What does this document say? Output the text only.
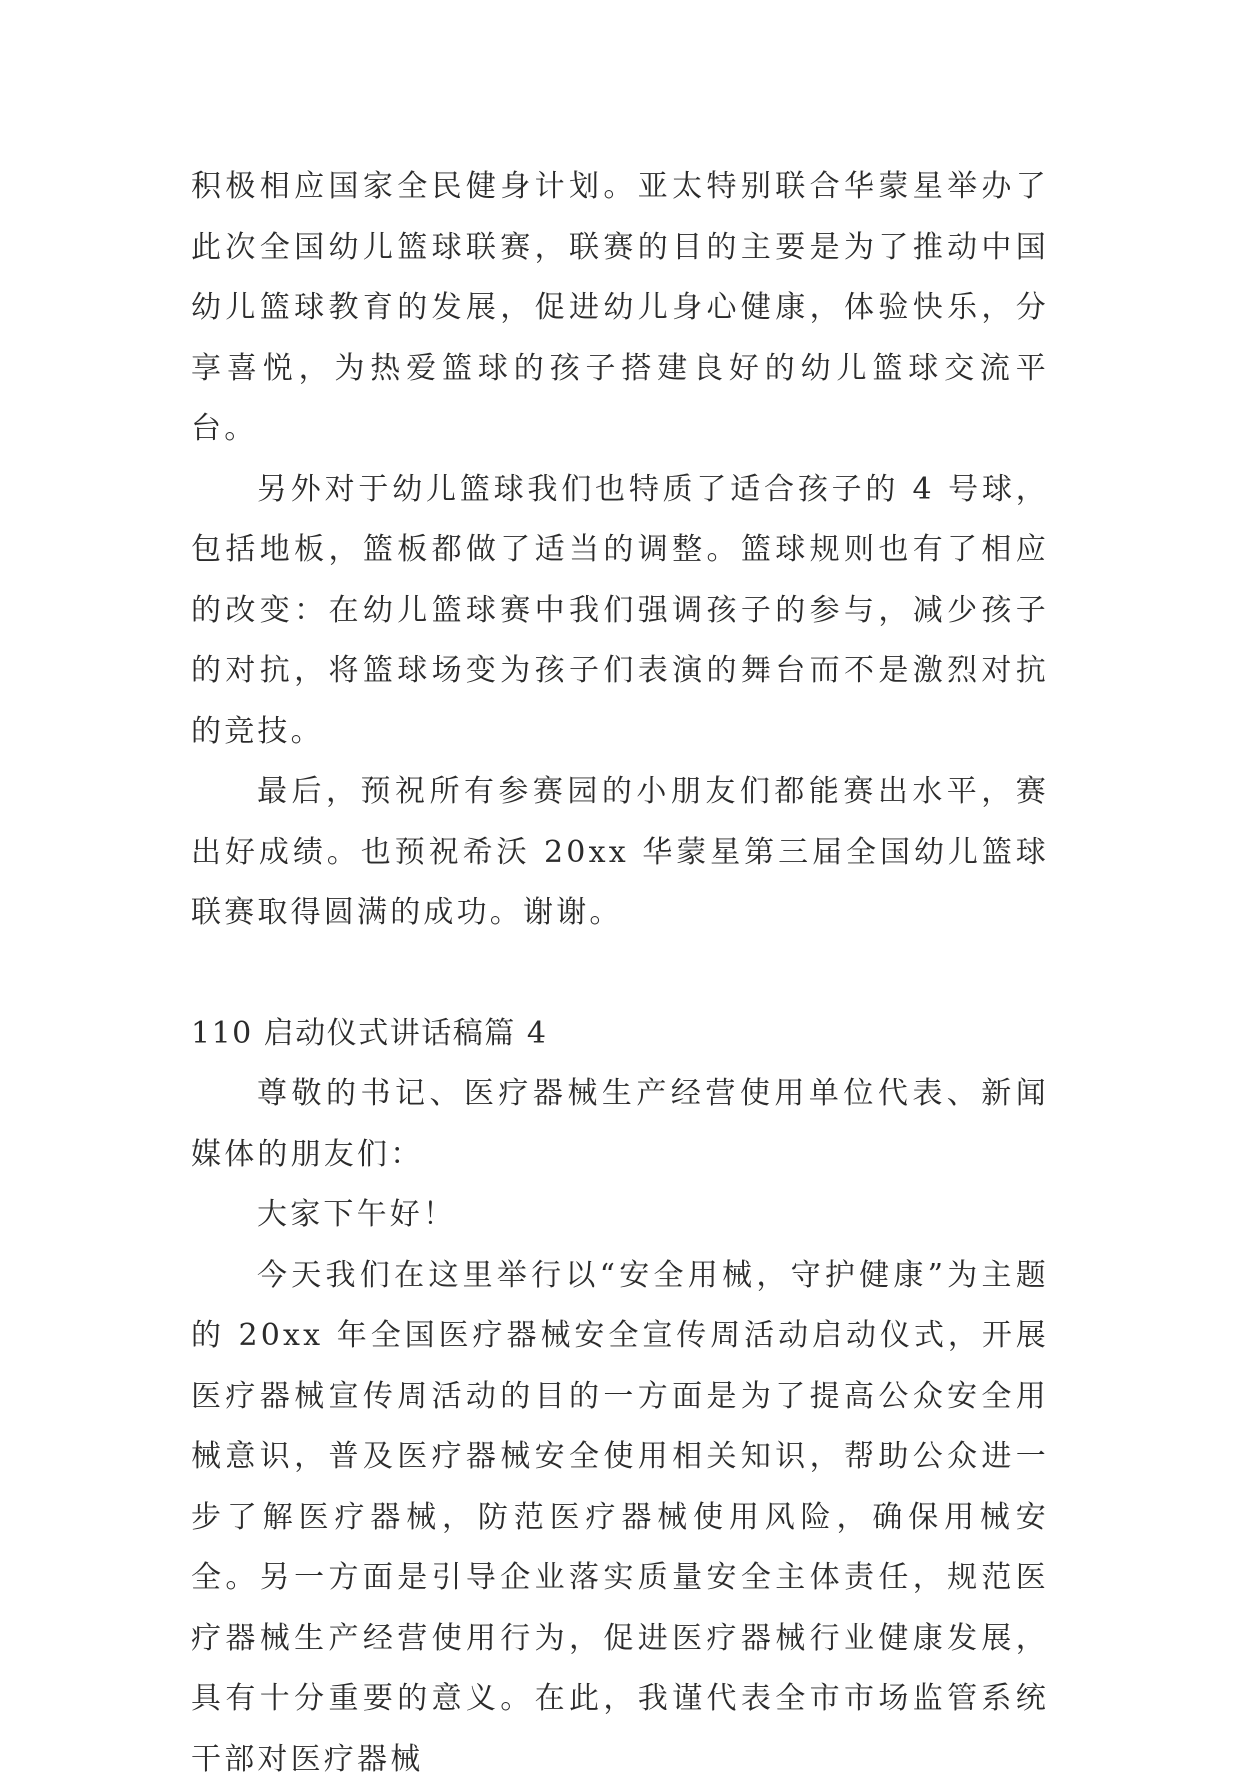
积极相应国家全民健身计划。亚太特别联合华蒙星举办了此次全国幼儿篮球联赛，联赛的目的主要是为了推动中国幼儿篮球教育的发展，促进幼儿身心健康，体验快乐，分享喜悦，为热爱篮球的孩子搭建良好的幼儿篮球交流平台。

另外对于幼儿篮球我们也特质了适合孩子的 4 号球，包括地板，篮板都做了适当的调整。篮球规则也有了相应的改变：在幼儿篮球赛中我们强调孩子的参与，减少孩子的对抗，将篮球场变为孩子们表演的舞台而不是激烈对抗的竞技。

最后，预祝所有参赛园的小朋友们都能赛出水平，赛出好成绩。也预祝希沃 20xx 华蒙星第三届全国幼儿篮球联赛取得圆满的成功。谢谢。

110 启动仪式讲话稿篇 4

尊敬的书记、医疗器械生产经营使用单位代表、新闻媒体的朋友们：

大家下午好！

今天我们在这里举行以“安全用械，守护健康”为主题的 20xx 年全国医疗器械安全宣传周活动启动仪式，开展医疗器械宣传周活动的目的一方面是为了提高公众安全用械意识，普及医疗器械安全使用相关知识，帮助公众进一步了解医疗器械，防范医疗器械使用风险，确保用械安全。另一方面是引导企业落实质量安全主体责任，规范医疗器械生产经营使用行为，促进医疗器械行业健康发展，具有十分重要的意义。在此，我谨代表全市市场监管系统干部对医疗器械
